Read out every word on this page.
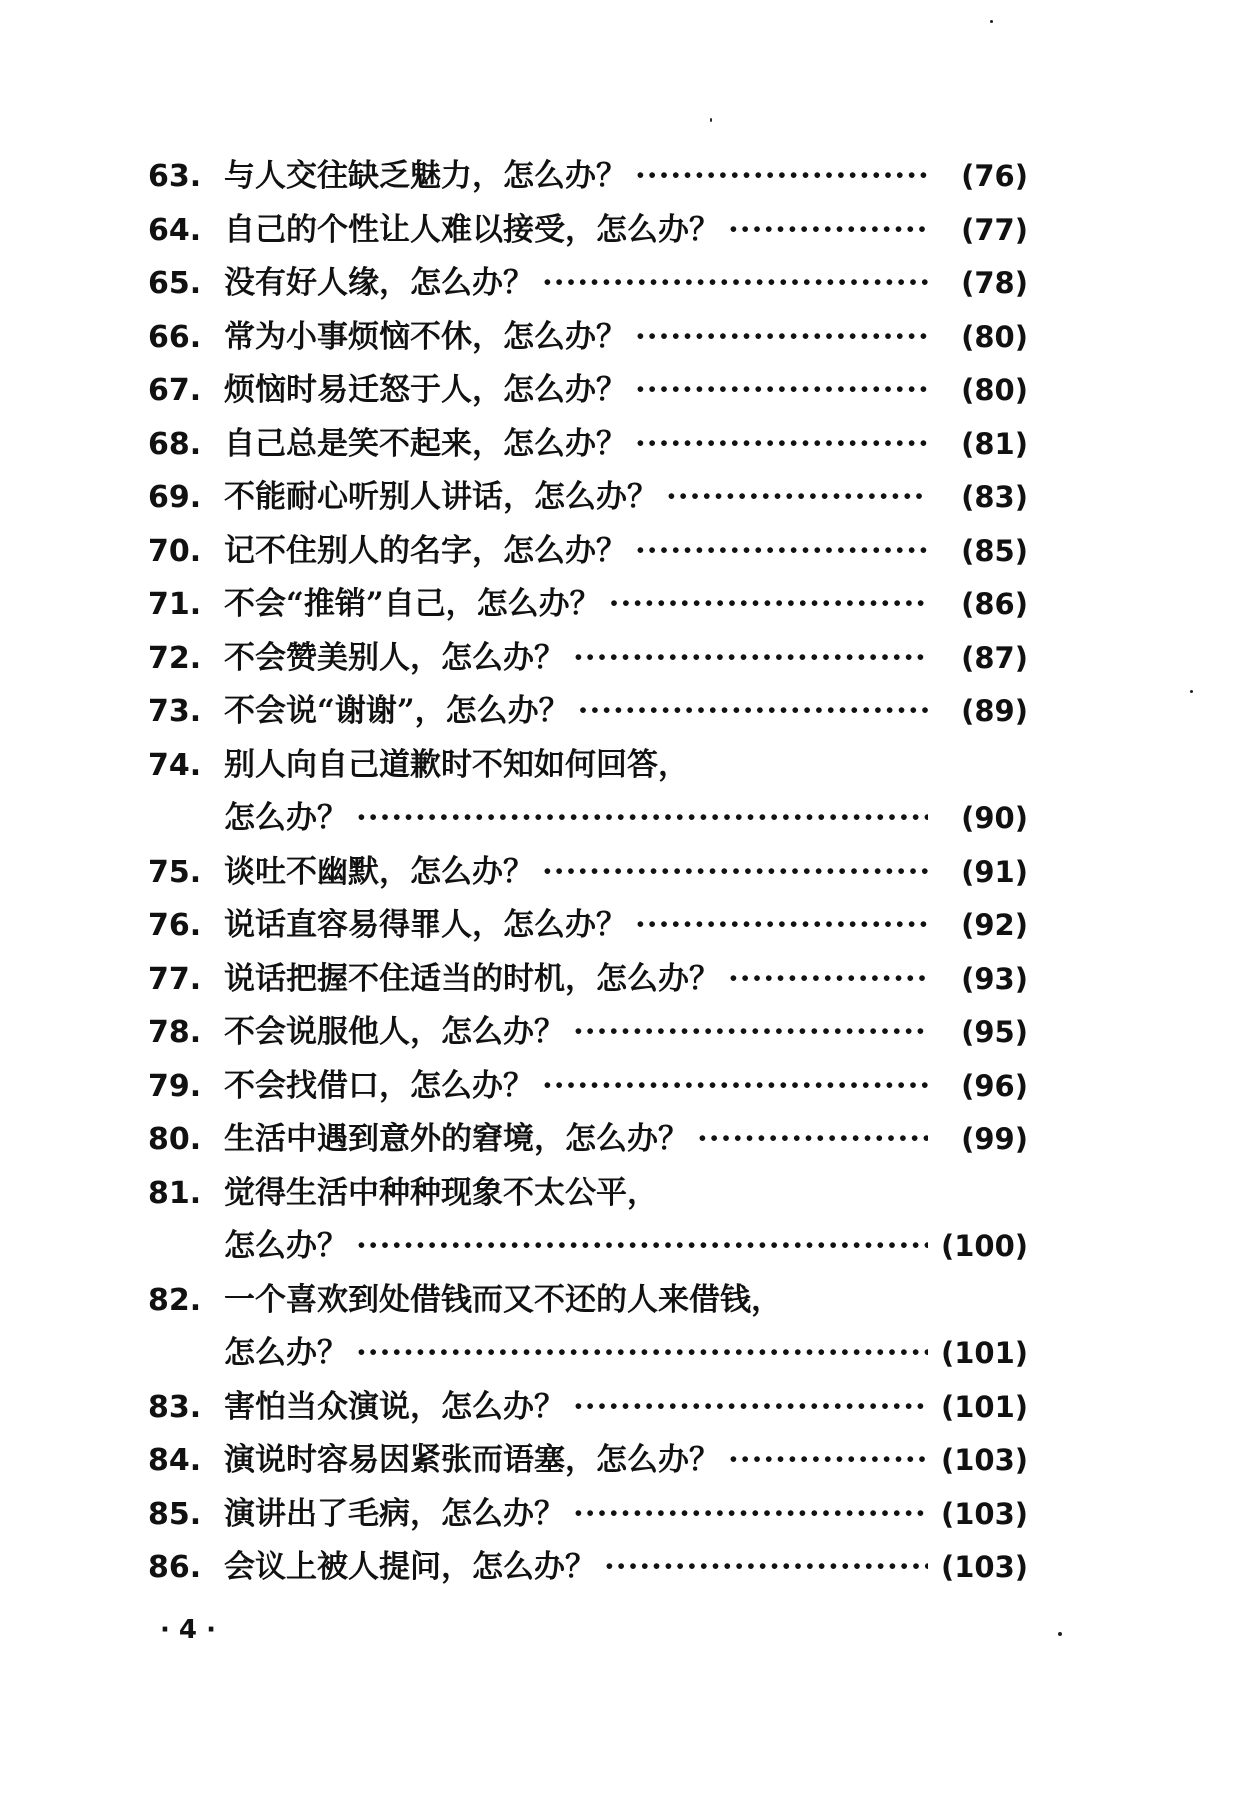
63. 与人交往缺乏魅力，怎么办？ ·····	(76)
64. 自己的个性让人难以接受，怎么办？ ·····	(77)
65. 没有好人缘，怎么办？ ·····	(78)
66. 常为小事烦恼不休，怎么办？ ·····	(80)
67. 烦恼时易迁怒于人，怎么办？ ·····	(80)
68. 自己总是笑不起来，怎么办？ ·····	(81)
69. 不能耐心听别人讲话，怎么办？ ·····	(83)
70. 记不住别人的名字，怎么办？ ·····	(85)
71. 不会“推销”自己，怎么办？ ·····	(86)
72. 不会赞美别人，怎么办？ ·····	(87)
73. 不会说“谢谢”，怎么办？ ·····	(89)
74. 别人向自己道歉时不知如何回答，
怎么办？ ·····	(90)
75. 谈吐不幽默，怎么办？ ·····	(91)
76. 说话直容易得罪人，怎么办？ ·····	(92)
77. 说话把握不住适当的时机，怎么办？ ·····	(93)
78. 不会说服他人，怎么办？ ·····	(95)
79. 不会找借口，怎么办？ ·····	(96)
80. 生活中遇到意外的窘境，怎么办？ ·····	(99)
81. 觉得生活中种种现象不太公平，
怎么办？ ·····	(100)
82. 一个喜欢到处借钱而又不还的人来借钱，
怎么办？ ·····	(101)
83. 害怕当众演说，怎么办？ ·····	(101)
84. 演说时容易因紧张而语塞，怎么办？ ·····	(103)
85. 演讲出了毛病，怎么办？ ·····	(103)
86. 会议上被人提问，怎么办？ ·····	(103)
· 4 ·
